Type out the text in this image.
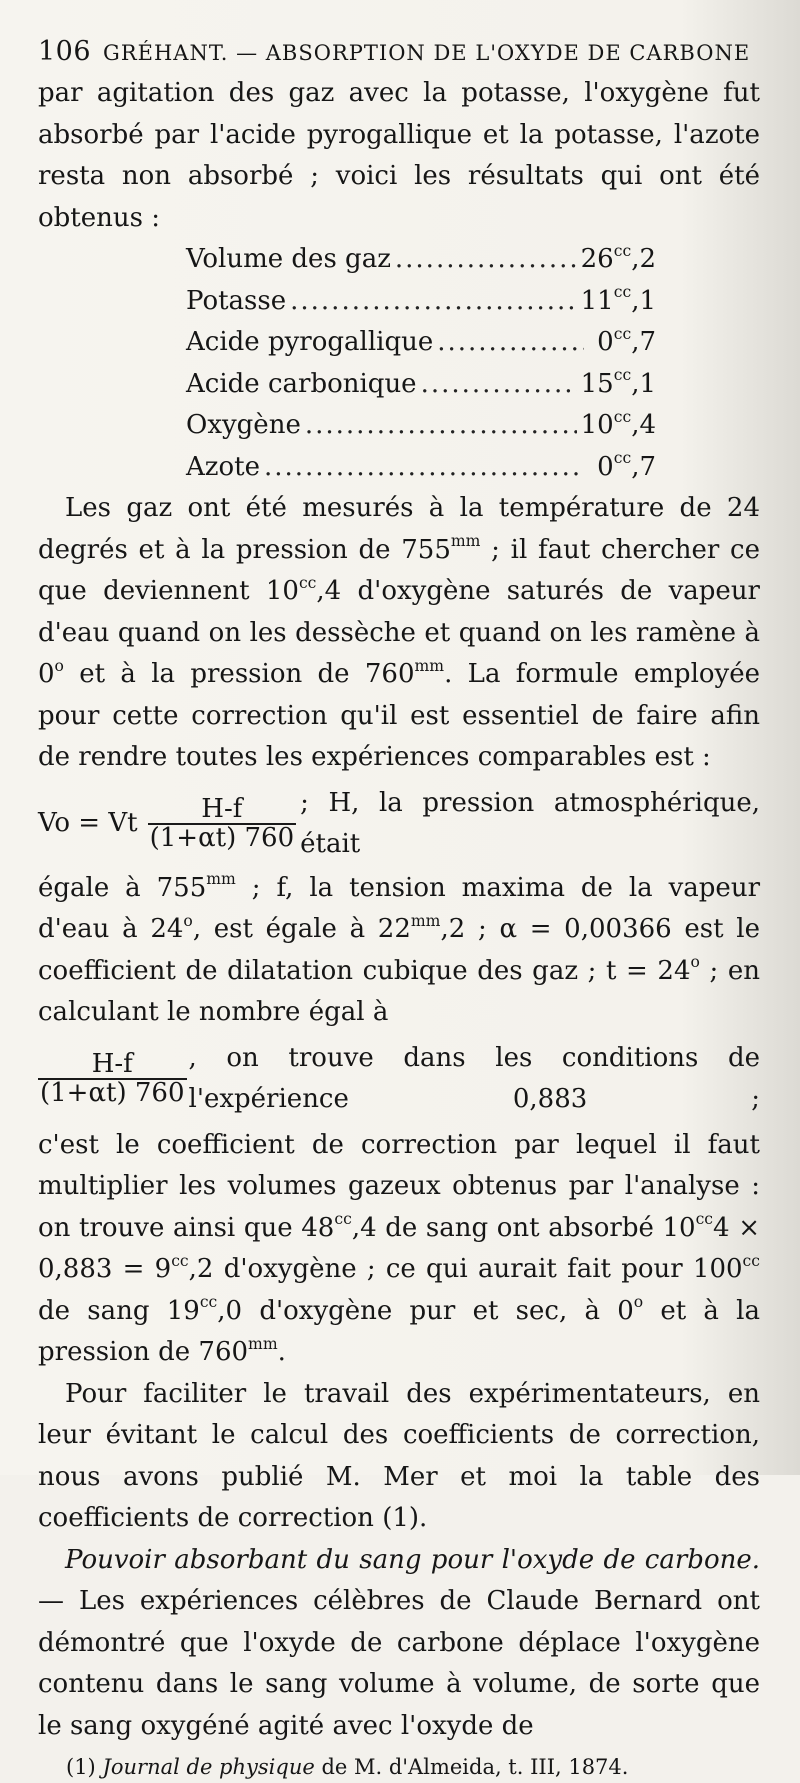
106 GRÉHANT. — ABSORPTION DE L'OXYDE DE CARBONE

par agitation des gaz avec la potasse, l'oxygène fut absorbé par l'acide pyrogallique et la potasse, l'azote resta non absorbé ; voici les résultats qui ont été obtenus :

Volume des gaz .....	$26^{cc},2$
Potasse .....	$11^{cc},1$
Acide pyrogallique .....	$0^{cc},7$
Acide carbonique .....	$15^{cc},1$
Oxygène .....	$10^{cc},4$
Azote .....	$0^{cc},7$

Les gaz ont été mesurés à la température de 24 degrés et à la pression de $755^{mm}$ ; il faut chercher ce que deviennent $10^{cc},4$ d'oxygène saturés de vapeur d'eau quand on les dessèche et quand on les ramène à 0$^o$ et à la pression de $760^{mm}$. La formule employée pour cette correction qu'il est essentiel de faire afin de rendre toutes les expériences comparables est :

Vo = Vt $\frac{H-f}{(1+\alpha t) 760}$ ; H, la pression atmosphérique, était

égale à $755^{mm}$ ; f, la tension maxima de la vapeur d'eau à 24$^o$, est égale à $22^{mm},2$ ; α = 0,00366 est le coefficient de dilatation cubique des gaz ; $t = 24^o$ ; en calculant le nombre égal à

$\frac{H-f}{(1+\alpha t) 760}$ , on trouve dans les conditions de l'expérience 0,883 ;

c'est le coefficient de correction par lequel il faut multiplier les volumes gazeux obtenus par l'analyse : on trouve ainsi que $48^{cc},4$ de sang ont absorbé $10^{cc}4 \times 0,883 = 9^{cc},2$ d'oxygène ; ce qui aurait fait pour $100^{cc}$ de sang $19^{cc},0$ d'oxygène pur et sec, à 0$^o$ et à la pression de $760^{mm}$.

Pour faciliter le travail des expérimentateurs, en leur évitant le calcul des coefficients de correction, nous avons publié M. Mer et moi la table des coefficients de correction (1).

Pouvoir absorbant du sang pour l'oxyde de carbone.— Les expériences célèbres de Claude Bernard ont démontré que l'oxyde de carbone déplace l'oxygène contenu dans le sang volume à volume, de sorte que le sang oxygéné agité avec l'oxyde de

(1) Journal de physique de M. d'Almeida, t. III, 1874.
